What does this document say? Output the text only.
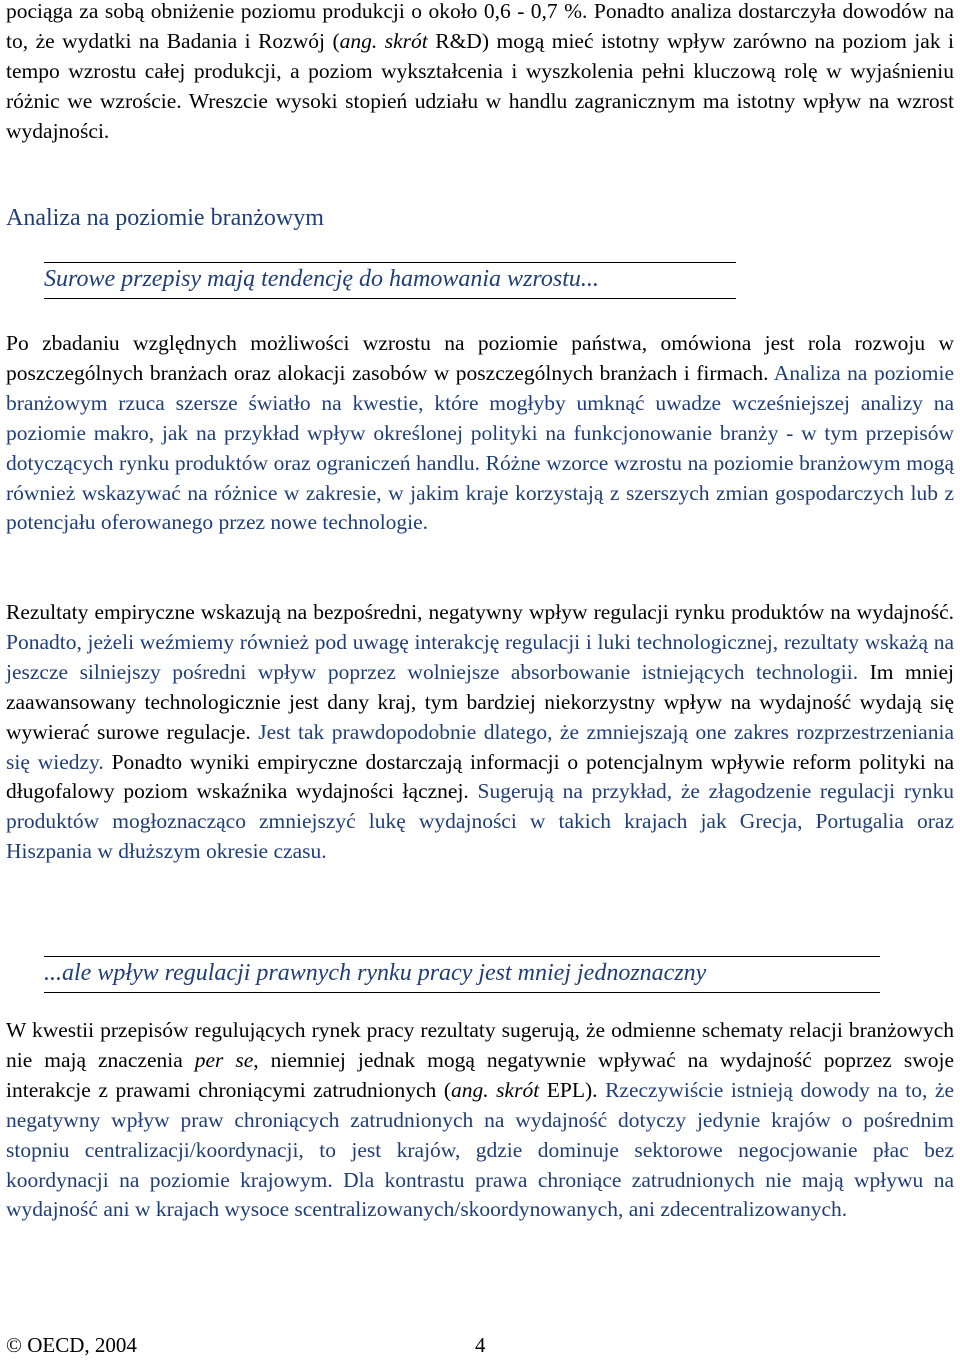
pociąga za sobą obniżenie poziomu produkcji o około 0,6 - 0,7 %. Ponadto analiza dostarczyła dowodów na to, że wydatki na Badania i Rozwój (ang. skrót R&D) mogą mieć istotny wpływ zarówno na poziom jak i tempo wzrostu całej produkcji, a poziom wykształcenia i wyszkolenia pełni kluczową rolę w wyjaśnieniu różnic we wzroście. Wreszcie wysoki stopień udziału w handlu zagranicznym ma istotny wpływ na wzrost wydajności.

Analiza na poziomie branżowym

Surowe przepisy mają tendencję do hamowania wzrostu...

Po zbadaniu względnych możliwości wzrostu na poziomie państwa, omówiona jest rola rozwoju w poszczególnych branżach oraz alokacji zasobów w poszczególnych branżach i firmach. Analiza na poziomie branżowym rzuca szersze światło na kwestie, które mogłyby umknąć uwadze wcześniejszej analizy na poziomie makro, jak na przykład wpływ określonej polityki na funkcjonowanie branży - w tym przepisów dotyczących rynku produktów oraz ograniczeń handlu. Różne wzorce wzrostu na poziomie branżowym mogą również wskazywać na różnice w zakresie, w jakim kraje korzystają z szerszych zmian gospodarczych lub z potencjału oferowanego przez nowe technologie.

Rezultaty empiryczne wskazują na bezpośredni, negatywny wpływ regulacji rynku produktów na wydajność. Ponadto, jeżeli weźmiemy również pod uwagę interakcję regulacji i luki technologicznej, rezultaty wskażą na jeszcze silniejszy pośredni wpływ poprzez wolniejsze absorbowanie istniejących technologii. Im mniej zaawansowany technologicznie jest dany kraj, tym bardziej niekorzystny wpływ na wydajność wydają się wywierać surowe regulacje. Jest tak prawdopodobnie dlatego, że zmniejszają one zakres rozprzestrzeniania się wiedzy. Ponadto wyniki empiryczne dostarczają informacji o potencjalnym wpływie reform polityki na długofalowy poziom wskaźnika wydajności łącznej. Sugerują na przykład, że złagodzenie regulacji rynku produktów mogłoznacząco zmniejszyć lukę wydajności w takich krajach jak Grecja, Portugalia oraz Hiszpania w dłuższym okresie czasu.

...ale wpływ regulacji prawnych rynku pracy jest mniej jednoznaczny

W kwestii przepisów regulujących rynek pracy rezultaty sugerują, że odmienne schematy relacji branżowych nie mają znaczenia per se, niemniej jednak mogą negatywnie wpływać na wydajność poprzez swoje interakcje z prawami chroniącymi zatrudnionych (ang. skrót EPL). Rzeczywiście istnieją dowody na to, że negatywny wpływ praw chroniących zatrudnionych na wydajność dotyczy jedynie krajów o pośrednim stopniu centralizacji/koordynacji, to jest krajów, gdzie dominuje sektorowe negocjowanie płac bez koordynacji na poziomie krajowym. Dla kontrastu prawa chroniące zatrudnionych nie mają wpływu na wydajność ani w krajach wysoce scentralizowanych/skoordynowanych, ani zdecentralizowanych.

© OECD, 2004	4
